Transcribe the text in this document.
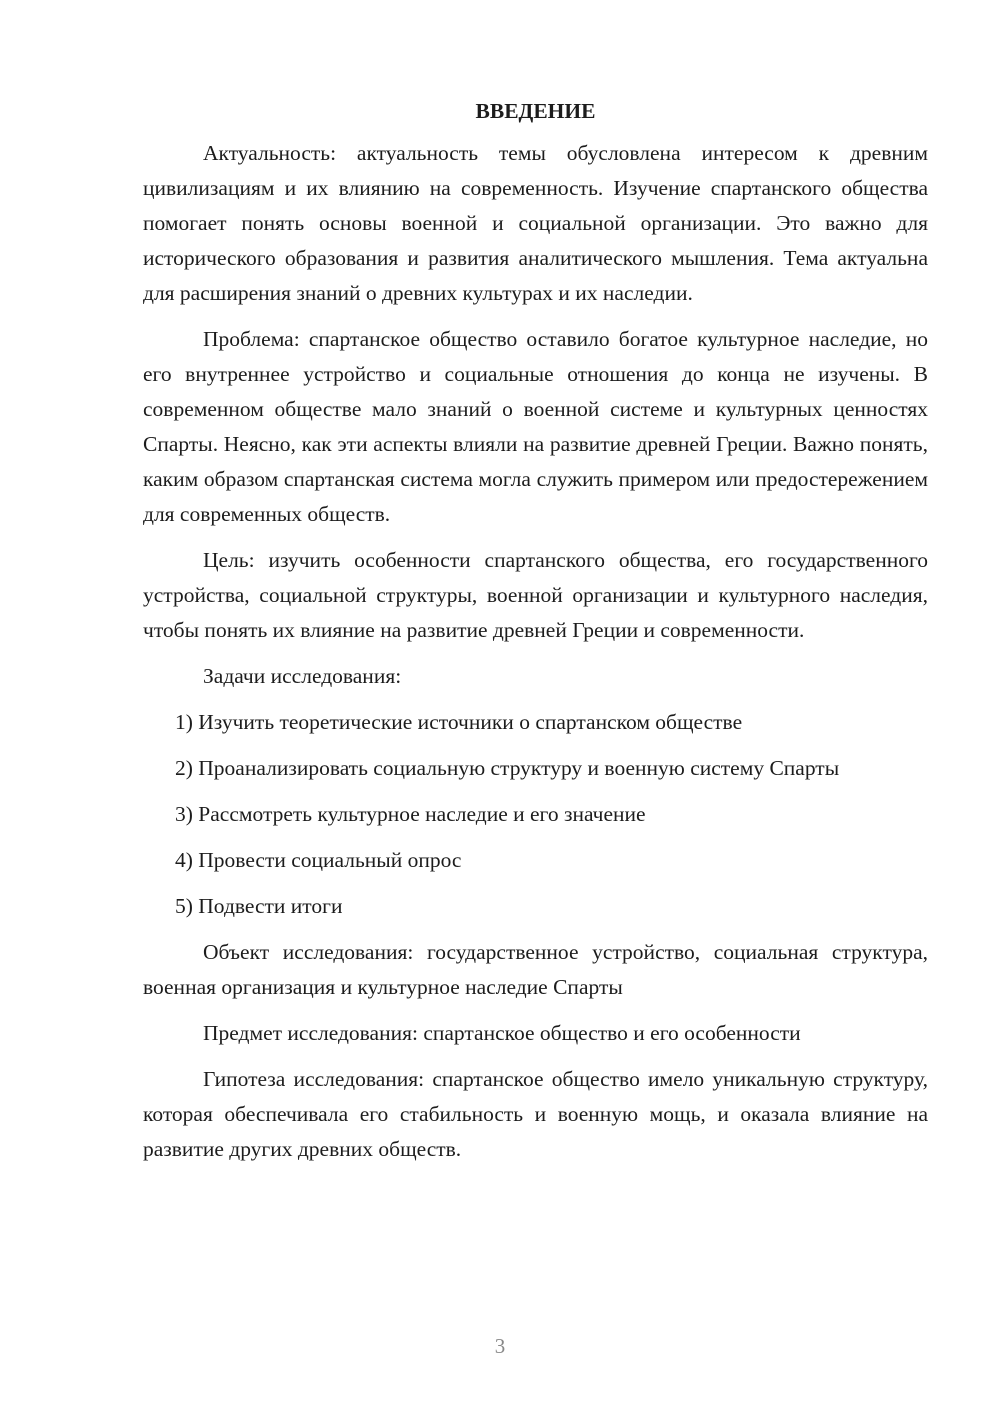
ВВЕДЕНИЕ

Актуальность: актуальность темы обусловлена интересом к древним цивилизациям и их влиянию на современность. Изучение спартанского общества помогает понять основы военной и социальной организации. Это важно для исторического образования и развития аналитического мышления. Тема актуальна для расширения знаний о древних культурах и их наследии.

Проблема: спартанское общество оставило богатое культурное наследие, но его внутреннее устройство и социальные отношения до конца не изучены. В современном обществе мало знаний о военной системе и культурных ценностях Спарты. Неясно, как эти аспекты влияли на развитие древней Греции. Важно понять, каким образом спартанская система могла служить примером или предостережением для современных обществ.

Цель: изучить особенности спартанского общества, его государственного устройства, социальной структуры, военной организации и культурного наследия, чтобы понять их влияние на развитие древней Греции и современности.

Задачи исследования:

1) Изучить теоретические источники о спартанском обществе

2) Проанализировать социальную структуру и военную систему Спарты

3) Рассмотреть культурное наследие и его значение

4) Провести социальный опрос

5) Подвести итоги

Объект исследования: государственное устройство, социальная структура, военная организация и культурное наследие Спарты

Предмет исследования: спартанское общество и его особенности

Гипотеза исследования: спартанское общество имело уникальную структуру, которая обеспечивала его стабильность и военную мощь, и оказала влияние на развитие других древних обществ.

3
